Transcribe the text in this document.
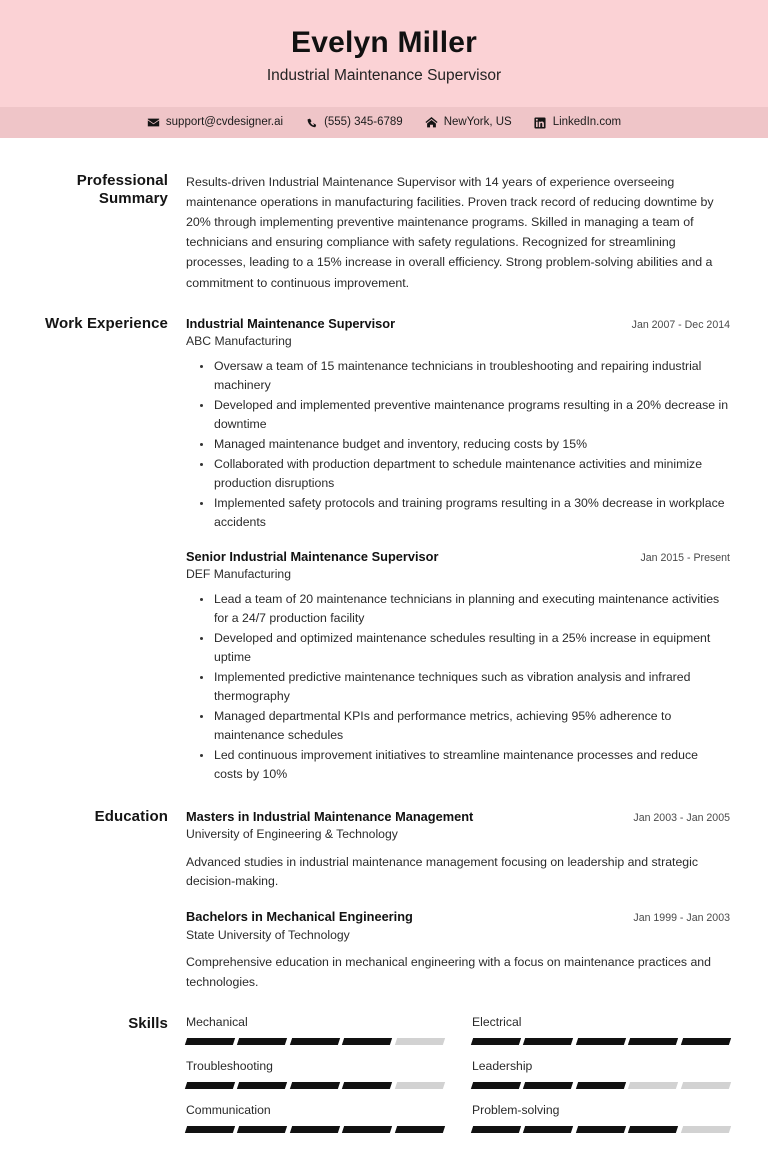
Evelyn Miller
Industrial Maintenance Supervisor
support@cvdesigner.ai	(555) 345-6789	NewYork, US	LinkedIn.com
Professional Summary

Results-driven Industrial Maintenance Supervisor with 14 years of experience overseeing maintenance operations in manufacturing facilities. Proven track record of reducing downtime by 20% through implementing preventive maintenance programs. Skilled in managing a team of technicians and ensuring compliance with safety regulations. Recognized for streamlining processes, leading to a 15% increase in overall efficiency. Strong problem-solving abilities and a commitment to continuous improvement.

Work Experience	Industrial Maintenance Supervisor	Jan 2007 - Dec 2014
ABC Manufacturing
Oversaw a team of 15 maintenance technicians in troubleshooting and repairing industrial machinery
Developed and implemented preventive maintenance programs resulting in a 20% decrease in downtime
Managed maintenance budget and inventory, reducing costs by 15%
Collaborated with production department to schedule maintenance activities and minimize production disruptions
Implemented safety protocols and training programs resulting in a 30% decrease in workplace accidents
Senior Industrial Maintenance Supervisor	Jan 2015 - Present
DEF Manufacturing
Lead a team of 20 maintenance technicians in planning and executing maintenance activities for a 24/7 production facility
Developed and optimized maintenance schedules resulting in a 25% increase in equipment uptime
Implemented predictive maintenance techniques such as vibration analysis and infrared thermography
Managed departmental KPIs and performance metrics, achieving 95% adherence to maintenance schedules
Led continuous improvement initiatives to streamline maintenance processes and reduce costs by 10%
Education	Masters in Industrial Maintenance Management	Jan 2003 - Jan 2005
University of Engineering & Technology
Advanced studies in industrial maintenance management focusing on leadership and strategic decision-making.
Bachelors in Mechanical Engineering	Jan 1999 - Jan 2003
State University of Technology
Comprehensive education in mechanical engineering with a focus on maintenance practices and technologies.
Skills	Mechanical	Electrical
Troubleshooting	Leadership
Communication	Problem-solving
